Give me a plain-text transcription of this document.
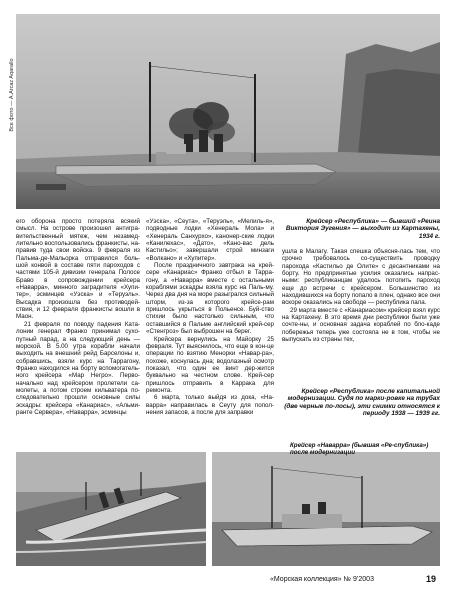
Все фото — A.Arcaz Aqarallo

его оборона просто потеряла всякий смысл. На острове произошел антигра-вительственный мятеж, чем незамед-лительно воспользовались франкисты, на-правив туда свои войска. 9 февраля из Пальма-де-Мальорка отправился боль-шой конвой в составе пяти пароходов с частями 105-й дивизии генерала Полосе Браво в сопровождении крейсера «Наварра», минного заградителя «Хупи-тер», эсминцев «Уэска» и «Теруэль». Высадка произошла без противодей-ствия, и 12 февраля франкисты вошли в Маон.

21 февраля по поводу падения Ката-лонии генерал Франко принимал сухо-путный парад, а на следующий день — морской. В 5.00 утра корабли начали выходить на внешний рейд Барселоны и, собравшись, взяли курс на Таррагону, Франко находился на борту вспомогатель-ного крейсера «Мар Негро». Перво-начально над крейсером пролетели са-молеты, а потом строем кильватера по-следовательно прошли основные силы эскадры: крейсера «Канариас», «Альми-ранте Сервера», «Наварра», эсминцы

«Уэска», «Сеута», «Теруэль», «Мелиль-я», подводные лодки «Хенераль Мола» и «Хенераль Санхурхо», канонер-ские лодки «Канилехас», «Дато», «Кано-вас дель Кастильо»; завершали строй минзаги «Волкано» и «Хупитер».

После праздничного завтрака на крей-сере «Канариас» Франко отбыл в Тарра-гону, а «Наварра» вместе с остальными кораблями эскадры взяла курс на Паль-му. Через два дня на море разыгрался сильный шторм, из-за которого крейсе-рам пришлось укрыться в Польенсе. Буй-ство стихии было настолько сильным, что оставшийся в Пальме английский крей-сер «Стенгроз» был выброшен на берег.

Крейсера вернулись на Майорку 25 февраля. Тут выяснилось, что еще в кон-це операции по взятию Менорки «Навар-ра», похоже, коснулась дна; водолазный осмотр показал, что один ее винт дер-жится буквально на честном слове. Крей-сер пришлось отправить в Каррака для ремонта.

6 марта, только выйдя из дока, «На-варра» направилась в Сеуту для попол-нения запасов, а после для заправки

Крейсер «Республика» — бывший «Реина Виктория Эугения» — выходит из Картахены, 1934 г.

ушла в Малагу. Такая спешка объясня-лась тем, что срочно требовалось со-существить проводку парохода «Кастильо де Олите» с десантниками на борту. Но предпринятые усилия оказались напрас-ными: республиканцам удалось потопить пароход еще до встречи с крейсером. Большинство из находившихся на борту попало в плен, однако все они вскоре оказались на свободе — республика пала.

29 марта вместе с «Канариасом» крейсер взял курс на Картахену. В это время дни республики были уже сочте-ны, и основная задача кораблей по бло-каде побережья теперь уже состояла не в том, чтобы не выпускать из страны тех,

Крейсер «Республика» после капитальной модернизации. Судя по марки-ровке на трубах (две черные по-лосы), эти снимки относятся к периоду 1938 — 1939 гг.
Крейсер «Наварра» (бывшая «Ре-спублика») после модернизации
«Морская коллекция» № 9’2003	19
